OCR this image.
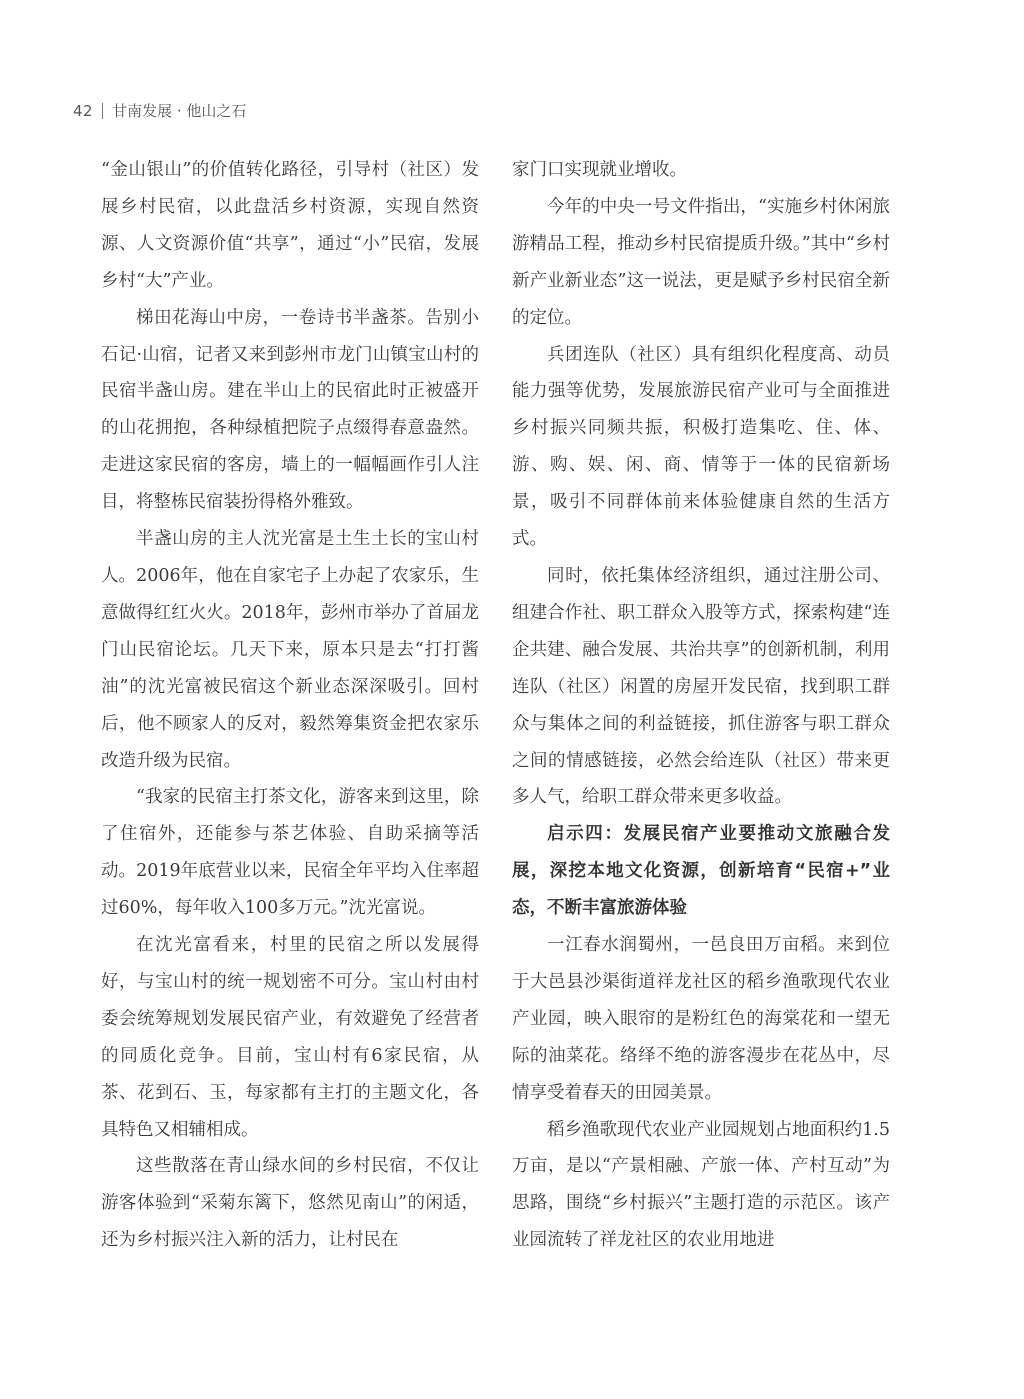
42 甘南发展 · 他山之石

“金山银山”的价值转化路径，引导村（社区）发展乡村民宿，以此盘活乡村资源，实现自然资源、人文资源价值“共享”，通过“小”民宿，发展乡村“大”产业。

梯田花海山中房，一卷诗书半盏茶。告别小石记·山宿，记者又来到彭州市龙门山镇宝山村的民宿半盏山房。建在半山上的民宿此时正被盛开的山花拥抱，各种绿植把院子点缀得春意盎然。走进这家民宿的客房，墙上的一幅幅画作引人注目，将整栋民宿装扮得格外雅致。

半盏山房的主人沈光富是土生土长的宝山村人。2006年，他在自家宅子上办起了农家乐，生意做得红红火火。2018年，彭州市举办了首届龙门山民宿论坛。几天下来，原本只是去“打打酱油”的沈光富被民宿这个新业态深深吸引。回村后，他不顾家人的反对，毅然筹集资金把农家乐改造升级为民宿。

“我家的民宿主打茶文化，游客来到这里，除了住宿外，还能参与茶艺体验、自助采摘等活动。2019年底营业以来，民宿全年平均入住率超过60%，每年收入100多万元。”沈光富说。

在沈光富看来，村里的民宿之所以发展得好，与宝山村的统一规划密不可分。宝山村由村委会统筹规划发展民宿产业，有效避免了经营者的同质化竞争。目前，宝山村有6家民宿，从茶、花到石、玉，每家都有主打的主题文化，各具特色又相辅相成。

这些散落在青山绿水间的乡村民宿，不仅让游客体验到“采菊东篱下，悠然见南山”的闲适，还为乡村振兴注入新的活力，让村民在

家门口实现就业增收。

今年的中央一号文件指出，“实施乡村休闲旅游精品工程，推动乡村民宿提质升级。”其中“乡村新产业新业态”这一说法，更是赋予乡村民宿全新的定位。

兵团连队（社区）具有组织化程度高、动员能力强等优势，发展旅游民宿产业可与全面推进乡村振兴同频共振，积极打造集吃、住、体、游、购、娱、闲、商、情等于一体的民宿新场景，吸引不同群体前来体验健康自然的生活方式。

同时，依托集体经济组织，通过注册公司、组建合作社、职工群众入股等方式，探索构建“连企共建、融合发展、共治共享”的创新机制，利用连队（社区）闲置的房屋开发民宿，找到职工群众与集体之间的利益链接，抓住游客与职工群众之间的情感链接，必然会给连队（社区）带来更多人气，给职工群众带来更多收益。

启示四：发展民宿产业要推动文旅融合发展，深挖本地文化资源，创新培育“民宿+”业态，不断丰富旅游体验

一江春水润蜀州，一邑良田万亩稻。来到位于大邑县沙渠街道祥龙社区的稻乡渔歌现代农业产业园，映入眼帘的是粉红色的海棠花和一望无际的油菜花。络绎不绝的游客漫步在花丛中，尽情享受着春天的田园美景。

稻乡渔歌现代农业产业园规划占地面积约1.5万亩，是以“产景相融、产旅一体、产村互动”为思路，围绕“乡村振兴”主题打造的示范区。该产业园流转了祥龙社区的农业用地进
